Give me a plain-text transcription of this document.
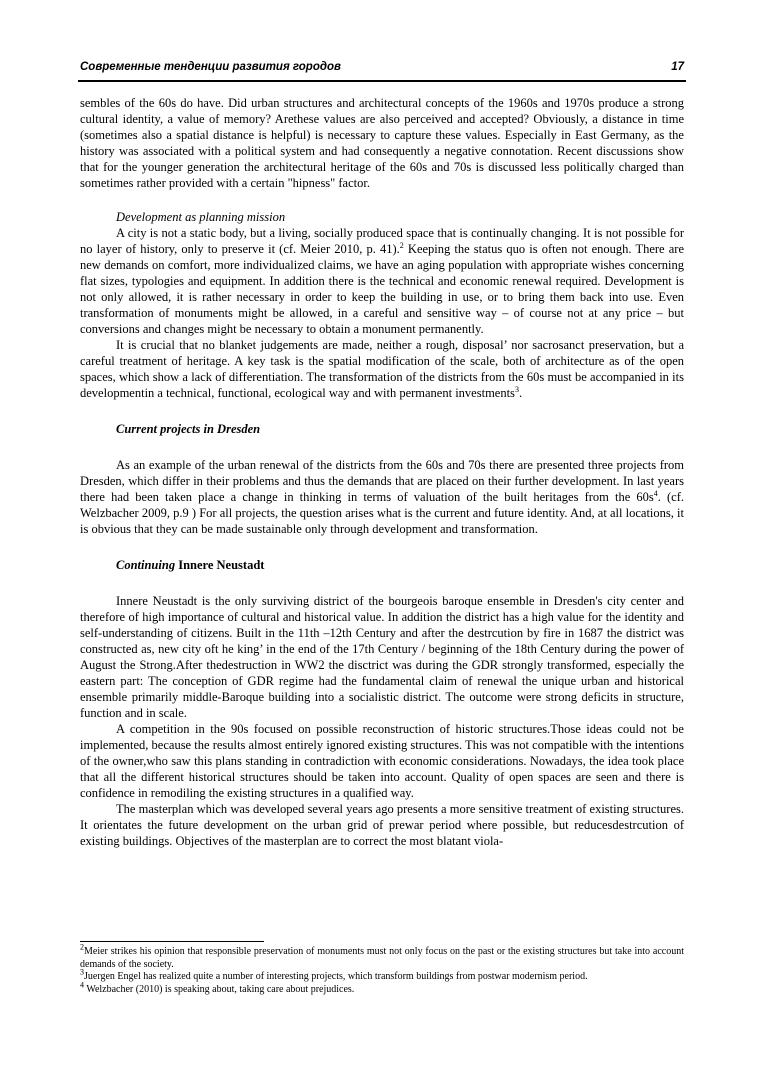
Современные тенденции развития городов	17

sembles of the 60s do have. Did urban structures and architectural concepts of the 1960s and 1970s produce a strong cultural identity, a value of memory? Arethese values are also perceived and accepted? Obviously, a distance in time (sometimes also a spatial distance is helpful) is necessary to capture these values. Especially in East Germany, as the history was associated with a political system and had consequently a negative connotation. Recent discussions show that for the younger generation the architectural heritage of the 60s and 70s is discussed less politically charged than sometimes rather provided with a certain "hipness" factor.

Development as planning mission

A city is not a static body, but a living, socially produced space that is continually changing. It is not possible for no layer of history, only to preserve it (cf. Meier 2010, p. 41).$^2$ Keeping the status quo is often not enough. There are new demands on comfort, more individualized claims, we have an aging population with appropriate wishes concerning flat sizes, typologies and equipment. In addition there is the technical and economic renewal required. Development is not only allowed, it is rather necessary in order to keep the building in use, or to bring them back into use. Even transformation of monuments might be allowed, in a careful and sensitive way – of course not at any price – but conversions and changes might be necessary to obtain a monument permanently.

It is crucial that no blanket judgements are made, neither a rough, disposal’ nor sacrosanct preservation, but a careful treatment of heritage. A key task is the spatial modification of the scale, both of architecture as of the open spaces, which show a lack of differentiation. The transformation of the districts from the 60s must be accompanied in its developmentin a technical, functional, ecological way and with permanent investments$^3$.

Current projects in Dresden

As an example of the urban renewal of the districts from the 60s and 70s there are presented three projects from Dresden, which differ in their problems and thus the demands that are placed on their further development. In last years there had been taken place a change in thinking in terms of valuation of the built heritages from the $60s^4$. (cf. Welzbacher 2009, p.9 ) For all projects, the question arises what is the current and future identity. And, at all locations, it is obvious that they can be made sustainable only through development and transformation.

Continuing Innere Neustadt

Innere Neustadt is the only surviving district of the bourgeois baroque ensemble in Dresden's city center and therefore of high importance of cultural and historical value. In addition the district has a high value for the identity and self-understanding of citizens. Built in the 11th –12th Century and after the destrcution by fire in 1687 the district was constructed as, new city oft he king’ in the end of the 17th Century / beginning of the 18th Century during the power of August the Strong.After thedestruction in WW2 the disctrict was during the GDR strongly transformed, especially the eastern part: The conception of GDR regime had the fundamental claim of renewal the unique urban and historical ensemble primarily middle-Baroque building into a socialistic district. The outcome were strong deficits in structure, function and in scale.

A competition in the 90s focused on possible reconstruction of historic structures.Those ideas could not be implemented, because the results almost entirely ignored existing structures. This was not compatible with the intentions of the owner,who saw this plans standing in contradiction with economic considerations. Nowadays, the idea took place that all the different historical structures should be taken into account. Quality of open spaces are seen and there is confidence in remodiling the existing structures in a qualified way.

The masterplan which was developed several years ago presents a more sensitive treatment of existing structures. It orientates the future development on the urban grid of prewar period where possible, but reducesdestrcution of existing buildings. Objectives of the masterplan are to correct the most blatant viola-

$^2$Meier strikes his opinion that responsible preservation of monuments must not only focus on the past or the existing structures but take into account demands of the society.

$^3$Juergen Engel has realized quite a number of interesting projects, which transform buildings from postwar modernism period.

$^4$ Welzbacher (2010) is speaking about, taking care about prejudices.
